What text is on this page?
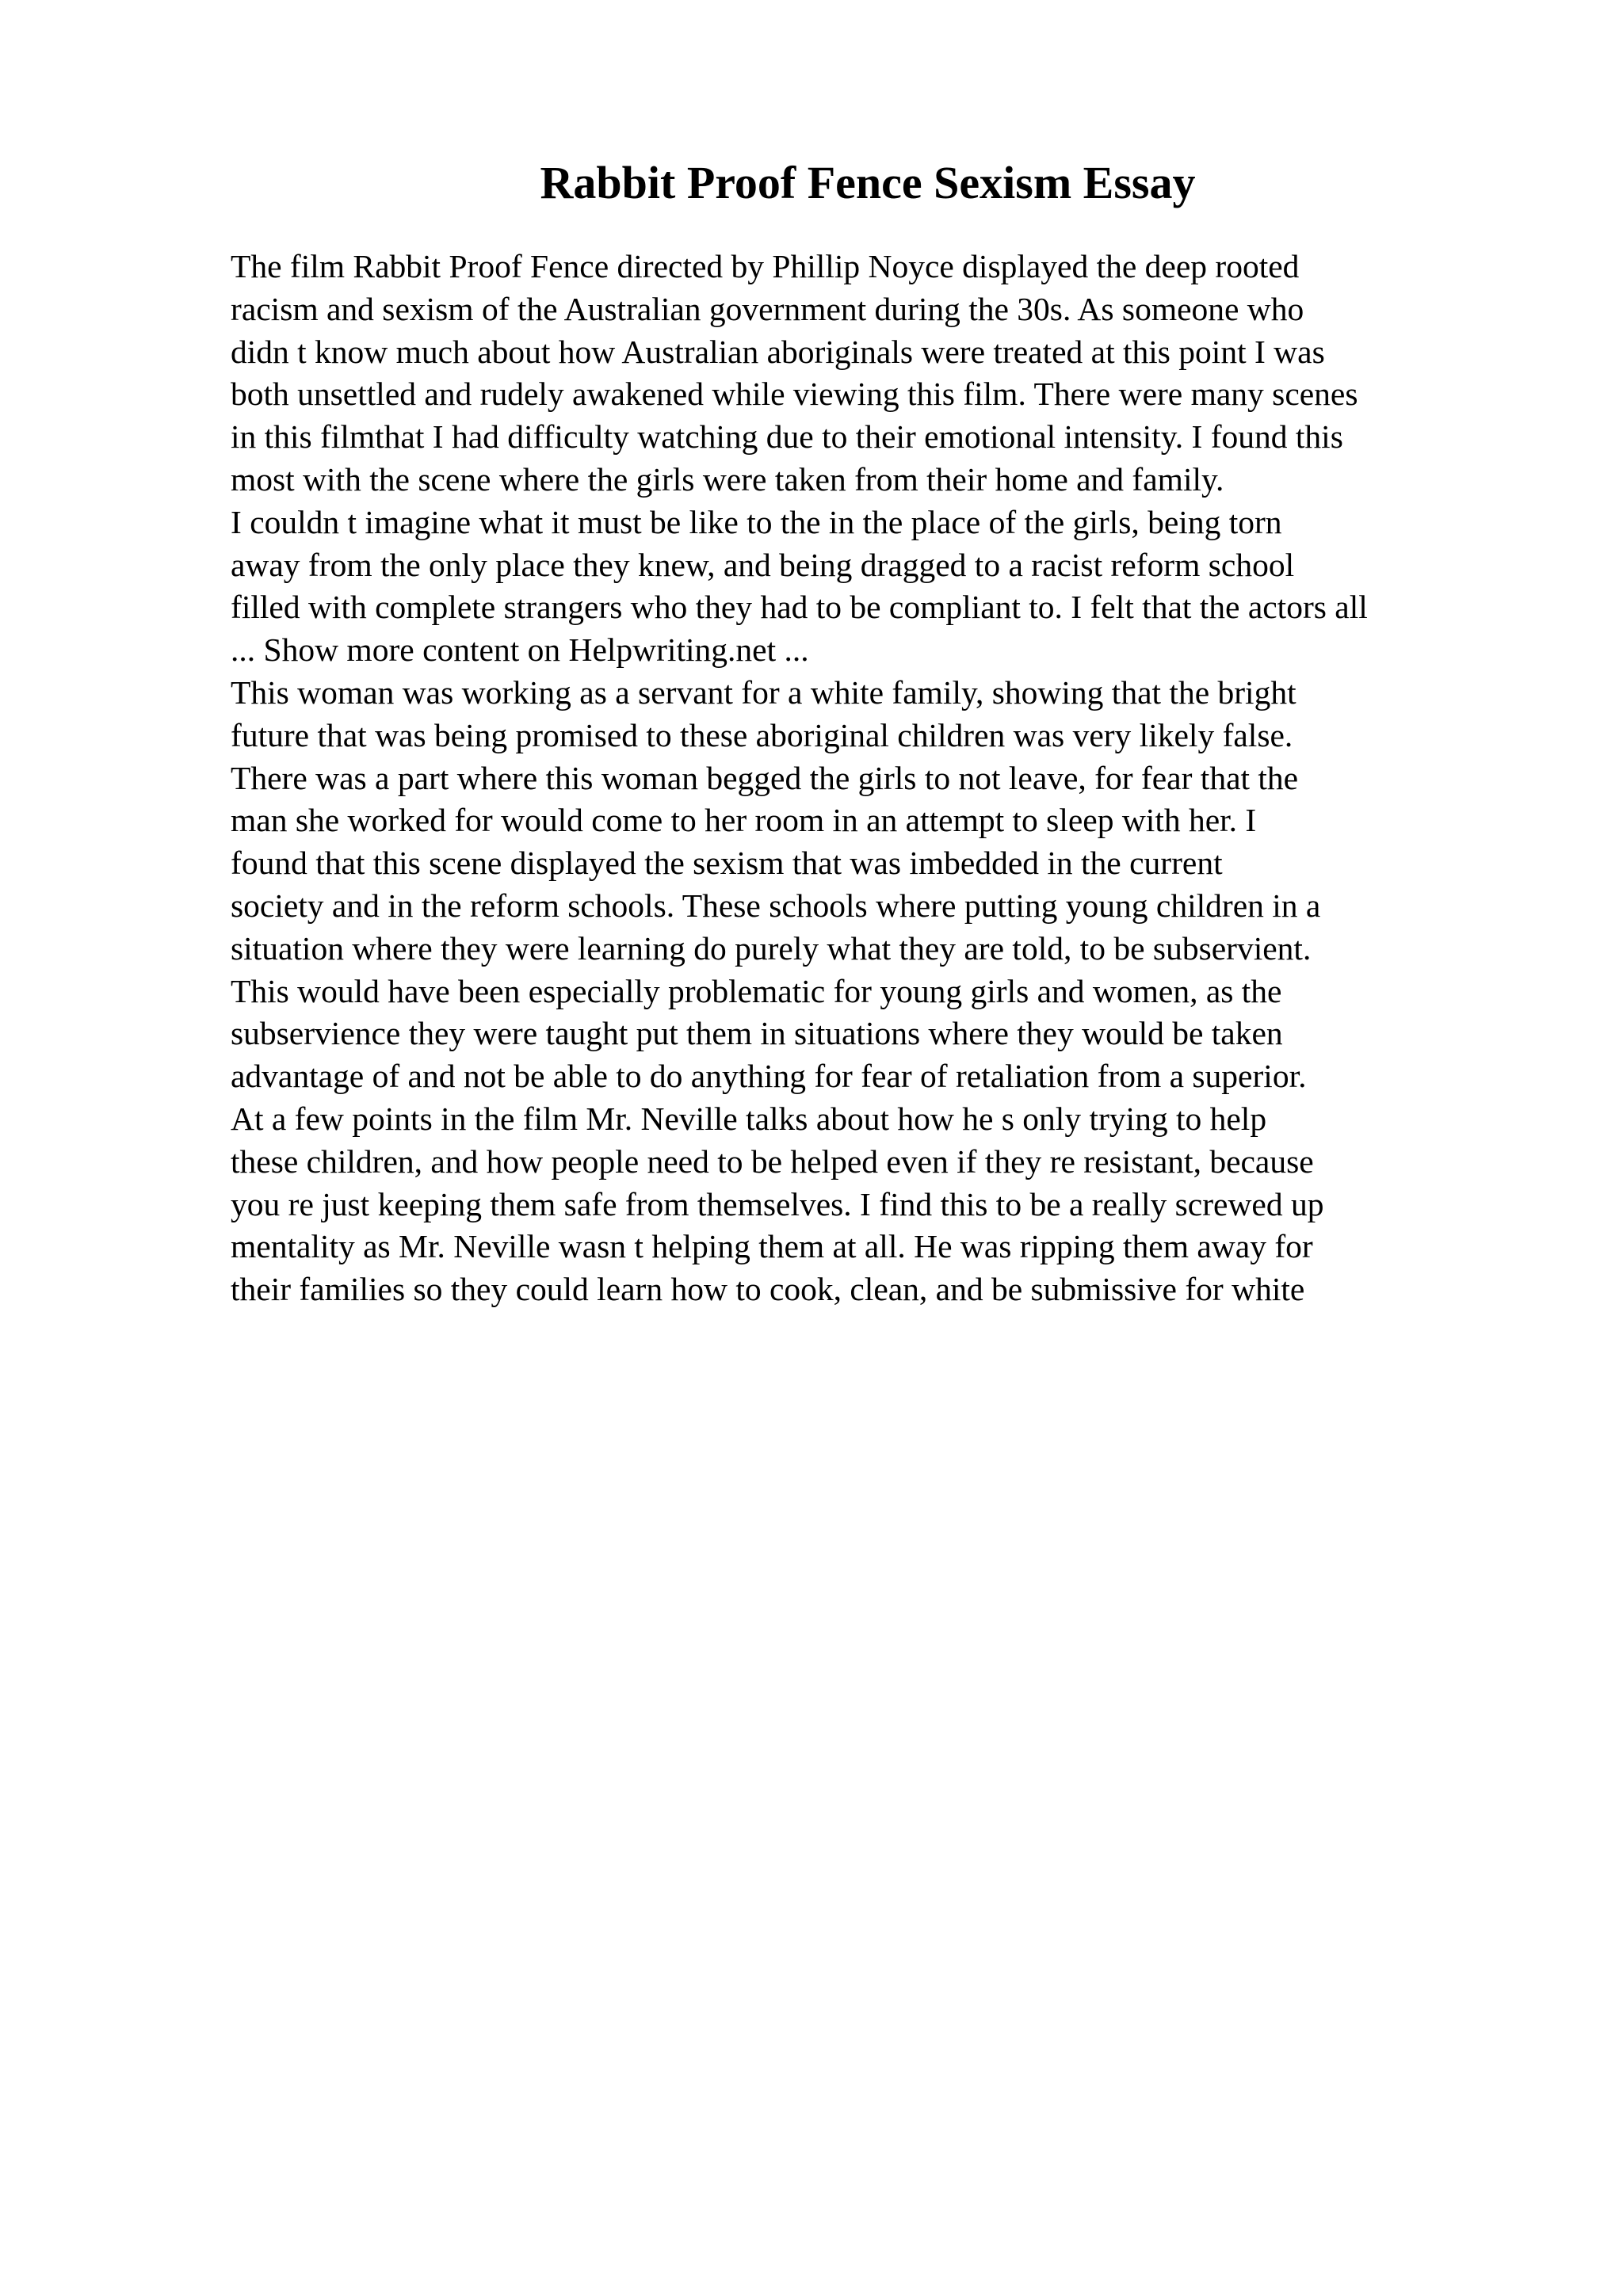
Rabbit Proof Fence Sexism Essay
The film Rabbit Proof Fence directed by Phillip Noyce displayed the deep rooted
racism and sexism of the Australian government during the 30s. As someone who
didn t know much about how Australian aboriginals were treated at this point I was
both unsettled and rudely awakened while viewing this film. There were many scenes
in this filmthat I had difficulty watching due to their emotional intensity. I found this
most with the scene where the girls were taken from their home and family.
I couldn t imagine what it must be like to the in the place of the girls, being torn
away from the only place they knew, and being dragged to a racist reform school
filled with complete strangers who they had to be compliant to. I felt that the actors all
... Show more content on Helpwriting.net ...
This woman was working as a servant for a white family, showing that the bright
future that was being promised to these aboriginal children was very likely false.
There was a part where this woman begged the girls to not leave, for fear that the
man she worked for would come to her room in an attempt to sleep with her. I
found that this scene displayed the sexism that was imbedded in the current
society and in the reform schools. These schools where putting young children in a
situation where they were learning do purely what they are told, to be subservient.
This would have been especially problematic for young girls and women, as the
subservience they were taught put them in situations where they would be taken
advantage of and not be able to do anything for fear of retaliation from a superior.
At a few points in the film Mr. Neville talks about how he s only trying to help
these children, and how people need to be helped even if they re resistant, because
you re just keeping them safe from themselves. I find this to be a really screwed up
mentality as Mr. Neville wasn t helping them at all. He was ripping them away for
their families so they could learn how to cook, clean, and be submissive for white
